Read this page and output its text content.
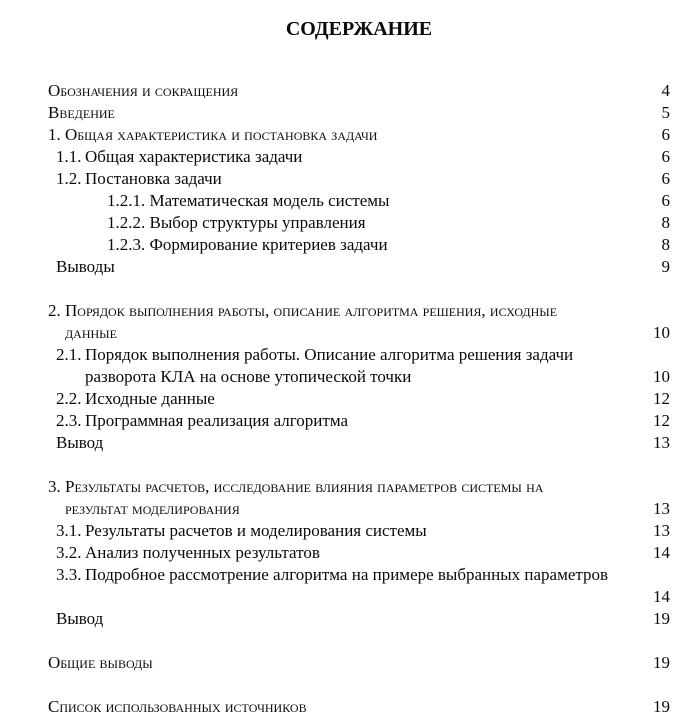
СОДЕРЖАНИЕ
Обозначения и сокращения	4
Введение	5
1. Общая характеристика и постановка задачи	6
1.1. Общая характеристика задачи	6
1.2. Постановка задачи	6
1.2.1. Математическая модель системы	6
1.2.2. Выбор структуры управления	8
1.2.3. Формирование критериев задачи	8
Выводы	9
2. Порядок выполнения работы, описание алгоритма решения, исходные
данные	10
2.1. Порядок выполнения работы. Описание алгоритма решения задачи
разворота КЛА на основе утопической точки	10
2.2. Исходные данные	12
2.3. Программная реализация алгоритма	12
Вывод	13
3. Результаты расчетов, исследование влияния параметров системы на
результат моделирования	13
3.1. Результаты расчетов и моделирования системы	13
3.2. Анализ полученных результатов	14
3.3. Подробное рассмотрение алгоритма на примере выбранных параметров
14
Вывод	19
Общие выводы	19
Список использованных источников	19
